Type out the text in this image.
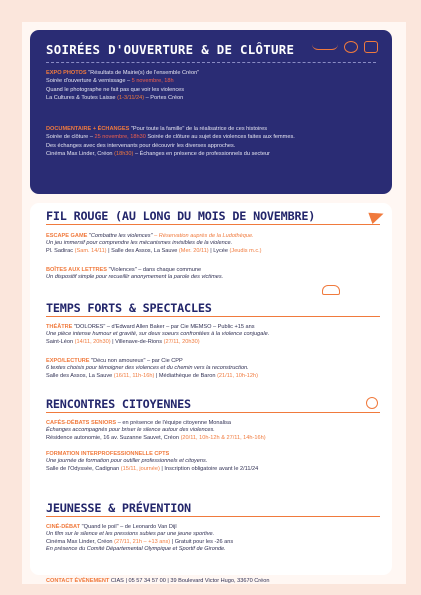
SOIRÉES D'OUVERTURE & DE CLÔTURE
EXPO PHOTOS "Résultats de Mairie(s) de l'ensemble Créon"
Soirée d'ouverture & vernissage – 5 novembre, 18h
Quand le photographe ne fait pas que voir les violences
La Cultures & Toutes Laisse (1-3/11/24) – Portes Créon
DOCUMENTAIRE + ÉCHANGES "Pour toute la famille" de la réalisatrice de ces histoires
Soirée de clôture – 25 novembre, 18h30 Soirée de clôture au sujet des violences faites aux femmes.
Des échanges avec des intervenants pour découvrir les diverses approches.
Cinéma Max Linder, Créon (18h30) – Échanges en présence de professionnels du secteur
FIL ROUGE (AU LONG DU MOIS DE NOVEMBRE)
ESCAPE GAME "Combattre les violences" – Réservation auprès de la Ludothèque.
Un jeu immersif pour comprendre les mécanismes invisibles de la violence.
Pl. Sadirac (Sam. 14/11) | Salle des Assos, La Sauve (Mer. 20/11) | Lycée (Jeudis m.c.)
BOÎTES AUX LETTRES "Violences" – dans chaque commune
Un dispositif simple pour recueillir anonymement la parole des victimes.
TEMPS FORTS & SPECTACLES
THÉÂTRE "DOLORES" – d'Edward Allen Baker – par Cie MEMSO – Public +15 ans
Une pièce intense humour et gravité, sur deux soeurs confrontées à la violence conjugale.
Saint-Léon (14/11, 20h30) | Villenave-de-Rions (27/11, 20h30)
EXPO/LECTURE "Décu non amoureux" – par Cie CPP
6 textes choisis pour témoigner des violences et du chemin vers la reconstruction.
Salle des Assos, La Sauve (16/11, 11h-16h) | Médiathèque de Baron (21/11, 10h-12h)
RENCONTRES CITOYENNES
CAFÉS-DÉBATS SENIORS – en présence de l'équipe citoyenne Monalisa
Échanges accompagnés pour briser le silence autour des violences.
Résidence autonomie, 16 av. Suzanne Sauvet, Créon (20/11, 10h-12h & 27/11, 14h-16h)
FORMATION INTERPROFESSIONNELLE CPTS
Une journée de formation pour outiller professionnels et citoyens.
Salle de l'Odyssée, Cadignan (15/11, journée) | Inscription obligatoire avant le 2/11/24
JEUNESSE & PRÉVENTION
CINÉ-DÉBAT "Quand le poil" – de Leonardo Van Dijl
Un film sur le silence et les pressions subies par une jeune sportive.
Cinéma Max Linder, Créon (27/11, 21h – +13 ans) | Gratuit pour les -26 ans
En présence du Comité Départemental Olympique et Sportif de Gironde.
CONTACT ÉVÈNEMENT CIAS | 05 57 34 57 00 | 39 Boulevard Victor Hugo, 33670 Créon
